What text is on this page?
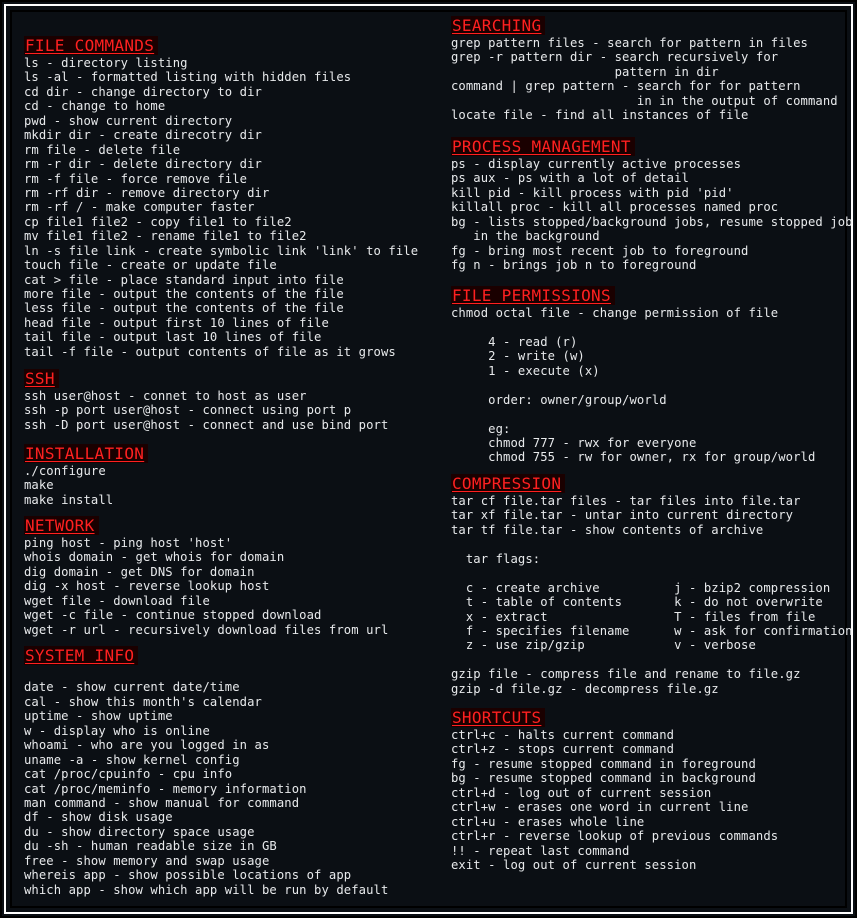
FILE COMMANDS
ls - directory listing
ls -al - formatted listing with hidden files
cd dir - change directory to dir
cd - change to home
pwd - show current directory
mkdir dir - create direcotry dir
rm file - delete file
rm -r dir - delete directory dir
rm -f file - force remove file
rm -rf dir - remove directory dir
rm -rf / - make computer faster
cp file1 file2 - copy file1 to file2
mv file1 file2 - rename file1 to file2
ln -s file link - create symbolic link 'link' to file
touch file - create or update file
cat > file - place standard input into file
more file - output the contents of the file
less file - output the contents of the file
head file - output first 10 lines of file
tail file - output last 10 lines of file
tail -f file - output contents of file as it grows

SSH
ssh user@host - connet to host as user
ssh -p port user@host - connect using port p
ssh -D port user@host - connect and use bind port

INSTALLATION
./configure
make
make install

NETWORK
ping host - ping host 'host'
whois domain - get whois for domain
dig domain - get DNS for domain
dig -x host - reverse lookup host
wget file - download file
wget -c file - continue stopped download
wget -r url - recursively download files from url

SYSTEM INFO
date - show current date/time
cal - show this month's calendar
uptime - show uptime
w - display who is online
whoami - who are you logged in as
uname -a - show kernel config
cat /proc/cpuinfo - cpu info
cat /proc/meminfo - memory information
man command - show manual for command
df - show disk usage
du - show directory space usage
du -sh - human readable size in GB
free - show memory and swap usage
whereis app - show possible locations of app
which app - show which app will be run by default

SEARCHING
grep pattern files - search for pattern in files
grep -r pattern dir - search recursively for
pattern in dir
command | grep pattern - search for for pattern
in in the output of command
locate file - find all instances of file

PROCESS MANAGEMENT
ps - display currently active processes
ps aux - ps with a lot of detail
kill pid - kill process with pid 'pid'
killall proc - kill all processes named proc
bg - lists stopped/background jobs, resume stopped job
in the background
fg - bring most recent job to foreground
fg n - brings job n to foreground

FILE PERMISSIONS
chmod octal file - change permission of file
4 - read (r)
2 - write (w)
1 - execute (x)
order: owner/group/world
eg:
chmod 777 - rwx for everyone
chmod 755 - rw for owner, rx for group/world

COMPRESSION
tar cf file.tar files - tar files into file.tar
tar xf file.tar - untar into current directory
tar tf file.tar - show contents of archive
tar flags:
c - create archive          j - bzip2 compression
t - table of contents       k - do not overwrite
x - extract                 T - files from file
f - specifies filename      w - ask for confirmation
z - use zip/gzip            v - verbose
gzip file - compress file and rename to file.gz
gzip -d file.gz - decompress file.gz

SHORTCUTS
ctrl+c - halts current command
ctrl+z - stops current command
fg - resume stopped command in foreground
bg - resume stopped command in background
ctrl+d - log out of current session
ctrl+w - erases one word in current line
ctrl+u - erases whole line
ctrl+r - reverse lookup of previous commands
!! - repeat last command
exit - log out of current session
